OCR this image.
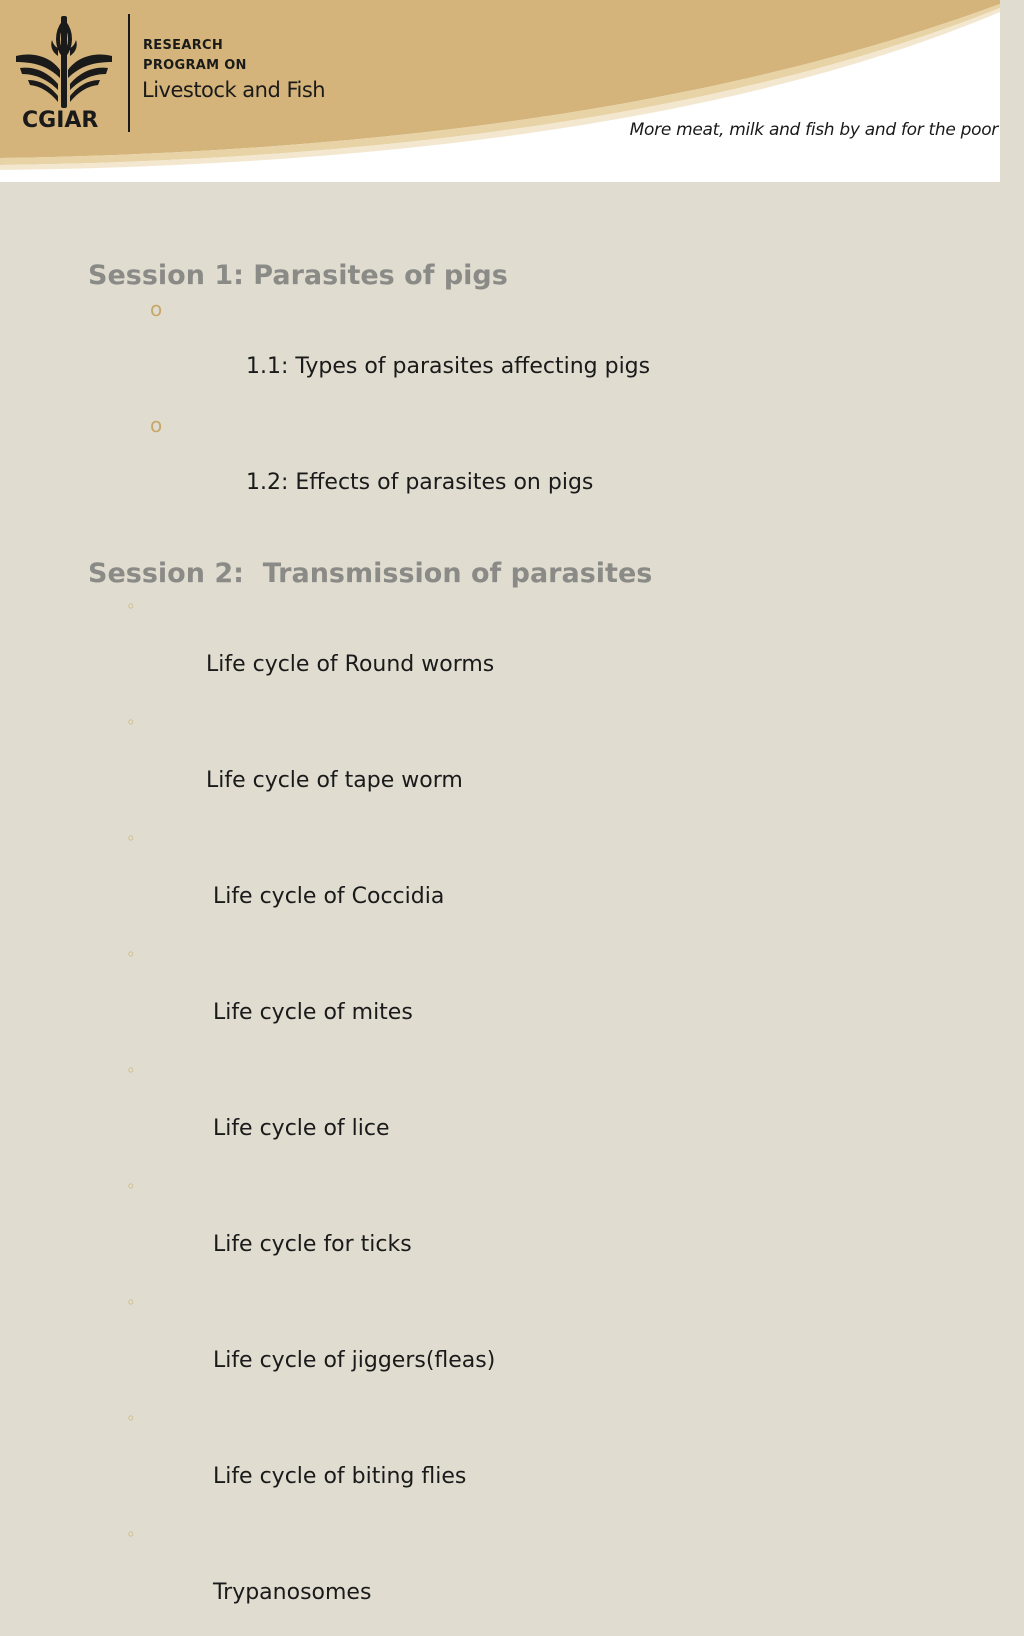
CGIAR
RESEARCH
PROGRAM ON
Livestock and Fish
More meat, milk and fish by and for the poor
Session 1: Parasites of pigs

o

1.1: Types of parasites affecting pigs

o

1.2: Effects of parasites on pigs

Session 2:  Transmission of parasites

◦

Life cycle of Round worms

◦

Life cycle of tape worm

◦

Life cycle of Coccidia

◦

Life cycle of mites

◦

Life cycle of lice

◦

Life cycle for ticks

◦

Life cycle of jiggers(fleas)

◦

Life cycle of biting flies

◦

Trypanosomes
